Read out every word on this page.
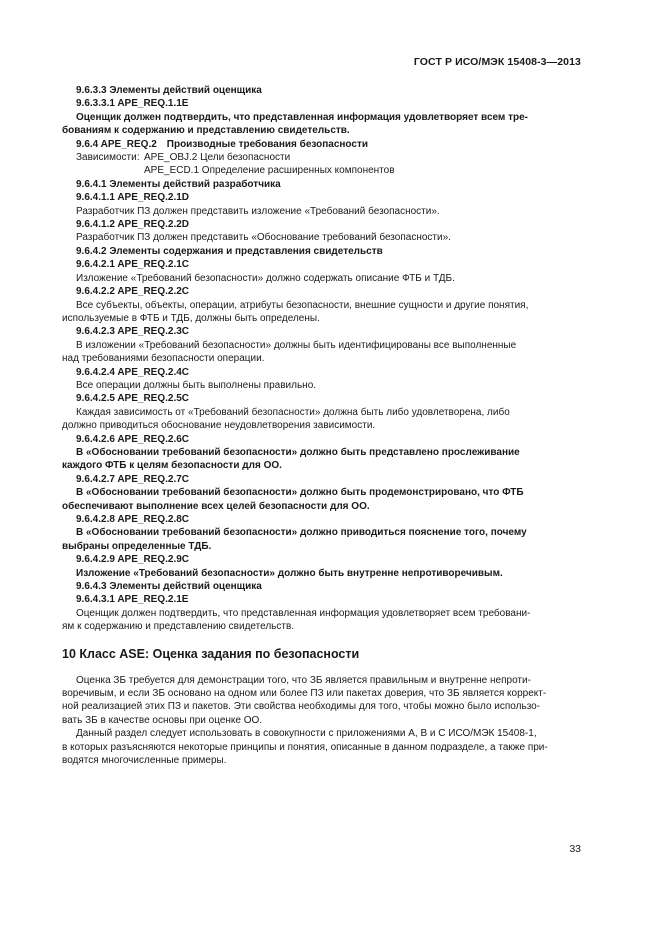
ГОСТ Р ИСО/МЭК 15408-3—2013
9.6.3.3 Элементы действий оценщика
9.6.3.3.1 APE_REQ.1.1E
Оценщик должен подтвердить, что представленная информация удовлетворяет всем тре-
бованиям к содержанию и представлению свидетельств.
9.6.4 APE_REQ.2 Производные требования безопасности
Зависимости: APE_OBJ.2 Цели безопасности
APE_ECD.1 Определение расширенных компонентов
9.6.4.1 Элементы действий разработчика
9.6.4.1.1 APE_REQ.2.1D
Разработчик ПЗ должен представить изложение «Требований безопасности».
9.6.4.1.2 APE_REQ.2.2D
Разработчик ПЗ должен представить «Обоснование требований безопасности».
9.6.4.2 Элементы содержания и представления свидетельств
9.6.4.2.1 APE_REQ.2.1C
Изложение «Требований безопасности» должно содержать описание ФТБ и ТДБ.
9.6.4.2.2 APE_REQ.2.2C
Все субъекты, объекты, операции, атрибуты безопасности, внешние сущности и другие понятия,
используемые в ФТБ и ТДБ, должны быть определены.
9.6.4.2.3 APE_REQ.2.3C
В изложении «Требований безопасности» должны быть идентифицированы все выполненные
над требованиями безопасности операции.
9.6.4.2.4 APE_REQ.2.4C
Все операции должны быть выполнены правильно.
9.6.4.2.5 APE_REQ.2.5C
Каждая зависимость от «Требований безопасности» должна быть либо удовлетворена, либо
должно приводиться обоснование неудовлетворения зависимости.
9.6.4.2.6 APE_REQ.2.6C
В «Обосновании требований безопасности» должно быть представлено прослеживание
каждого ФТБ к целям безопасности для ОО.
9.6.4.2.7 APE_REQ.2.7C
В «Обосновании требований безопасности» должно быть продемонстрировано, что ФТБ
обеспечивают выполнение всех целей безопасности для ОО.
9.6.4.2.8 APE_REQ.2.8C
В «Обосновании требований безопасности» должно приводиться пояснение того, почему
выбраны определенные ТДБ.
9.6.4.2.9 APE_REQ.2.9C
Изложение «Требований безопасности» должно быть внутренне непротиворечивым.
9.6.4.3 Элементы действий оценщика
9.6.4.3.1 APE_REQ.2.1E
Оценщик должен подтвердить, что представленная информация удовлетворяет всем требовани-
ям к содержанию и представлению свидетельств.
10 Класс ASE: Оценка задания по безопасности
Оценка ЗБ требуется для демонстрации того, что ЗБ является правильным и внутренне непроти-
воречивым, и если ЗБ основано на одном или более ПЗ или пакетах доверия, что ЗБ является коррект-
ной реализацией этих ПЗ и пакетов. Эти свойства необходимы для того, чтобы можно было использо-
вать ЗБ в качестве основы при оценке ОО.
Данный раздел следует использовать в совокупности с приложениями А, В и С ИСО/МЭК 15408-1,
в которых разъясняются некоторые принципы и понятия, описанные в данном подразделе, а также при-
водятся многочисленные примеры.
33
